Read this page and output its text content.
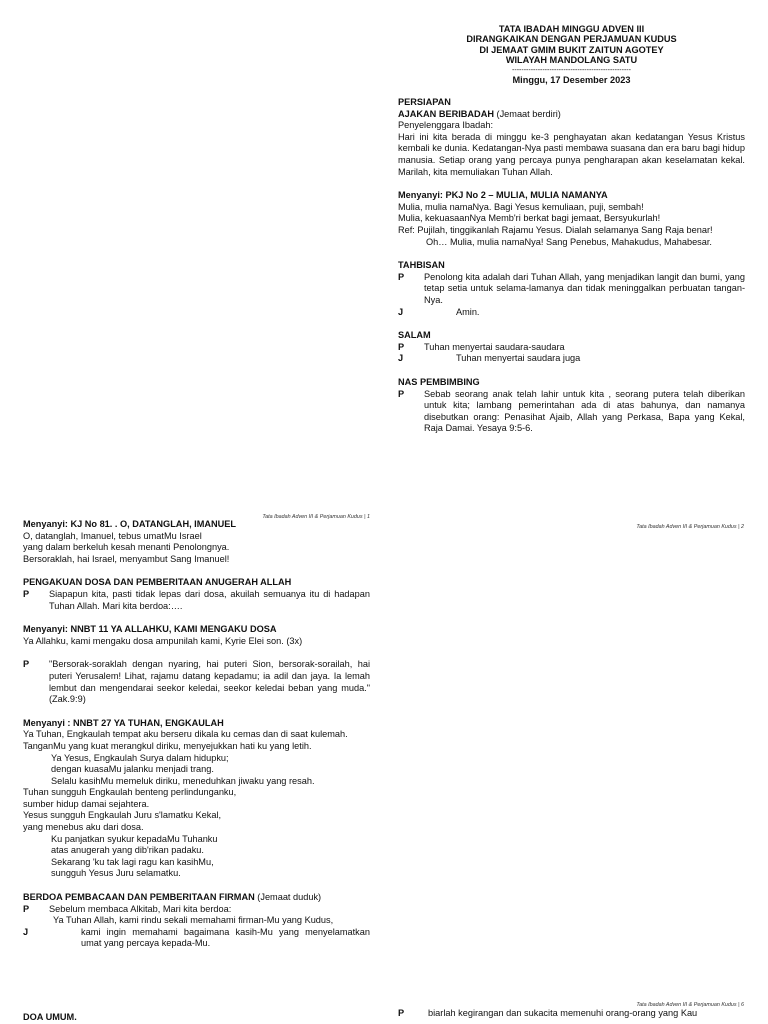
TATA IBADAH MINGGU ADVEN III
DIRANGKAIKAN DENGAN PERJAMUAN KUDUS
DI JEMAAT GMIM BUKIT ZAITUN AGOTEY
WILAYAH MANDOLANG SATU
---------------------------------------------------
Minggu, 17 Desember 2023
PERSIAPAN
AJAKAN BERIBADAH (Jemaat berdiri)
Penyelenggara Ibadah:
Hari ini kita berada di minggu ke-3 penghayatan akan kedatangan Yesus Kristus kembali ke dunia. Kedatangan-Nya pasti membawa suasana dan era baru bagi hidup manusia. Setiap orang yang percaya punya pengharapan akan keselamatan kekal. Marilah, kita memuliakan Tuhan Allah.
Menyanyi: PKJ No 2 – MULIA, MULIA NAMANYA
Mulia, mulia namaNya. Bagi Yesus kemuliaan, puji, sembah!
Mulia, kekuasaanNya Memb'ri berkat bagi jemaat, Bersyukurlah!
Ref: Pujilah, tinggikanlah Rajamu Yesus. Dialah selamanya Sang Raja benar!
Oh… Mulia, mulia namaNya! Sang Penebus, Mahakudus, Mahabesar.
TAHBISAN
P	Penolong kita adalah dari Tuhan Allah, yang menjadikan langit dan bumi, yang tetap setia untuk selama-lamanya dan tidak meninggalkan perbuatan tangan-Nya.
J	Amin.
SALAM
P	Tuhan menyertai saudara-saudara
J	Tuhan menyertai saudara juga
NAS PEMBIMBING
P	Sebab seorang anak telah lahir untuk kita , seorang putera telah diberikan untuk kita; lambang pemerintahan ada di atas bahunya, dan namanya disebutkan orang: Penasihat Ajaib, Allah yang Perkasa, Bapa yang Kekal, Raja Damai. Yesaya 9:5-6.
Tata Ibadah Adven III & Perjamuan Kudus | 1
Tata Ibadah Adven III & Perjamuan Kudus | 2
Menyanyi: KJ No 81. . O, DATANGLAH, IMANUEL
O, datanglah, Imanuel, tebus umatMu Israel
yang dalam berkeluh kesah menanti Penolongnya.
Bersoraklah, hai Israel, menyambut Sang Imanuel!
PENGAKUAN DOSA DAN PEMBERITAAN ANUGERAH ALLAH
P	Siapapun kita, pasti tidak lepas dari dosa, akuilah semuanya itu di hadapan Tuhan Allah. Mari kita berdoa:….
Menyanyi: NNBT 11 YA ALLAHKU, KAMI MENGAKU DOSA
Ya Allahku, kami mengaku dosa ampunilah kami, Kyrie Elei son. (3x)
P	"Bersorak-soraklah dengan nyaring, hai puteri Sion, bersorak-sorailah, hai puteri Yerusalem! Lihat, rajamu datang kepadamu; ia adil dan jaya. Ia lemah lembut dan mengendarai seekor keledai, seekor keledai beban yang muda." (Zak.9:9)
Menyanyi : NNBT 27 YA TUHAN, ENGKAULAH
Ya Tuhan, Engkaulah tempat aku berseru dikala ku cemas dan di saat kulemah.
TanganMu yang kuat merangkul diriku, menyejukkan hati ku yang letih.
Ya Yesus, Engkaulah Surya dalam hidupku;
dengan kuasaMu jalanku menjadi trang.
Selalu kasihMu memeluk diriku, meneduhkan jiwaku yang resah.
Tuhan sungguh Engkaulah benteng perlindunganku,
sumber hidup damai sejahtera.
Yesus sungguh Engkaulah Juru s'lamatku Kekal,
yang menebus aku dari dosa.
Ku panjatkan syukur kepadaMu Tuhanku
atas anugerah yang dib'rikan padaku.
Sekarang 'ku tak lagi ragu kan kasihMu,
sungguh Yesus Juru selamatku.
BERDOA PEMBACAAN DAN PEMBERITAAN FIRMAN (Jemaat duduk)
P	Sebelum membaca Alkitab, Mari kita berdoa:
Ya Tuhan Allah, kami rindu sekali memahami firman-Mu yang Kudus,
J	kami ingin memahami bagaimana kasih-Mu yang menyelamatkan umat yang percaya kepada-Mu.
Tata Ibadah Adven III & Perjamuan Kudus | 6
DOA UMUM.	P	biarlah kegirangan dan sukacita memenuhi orang-orang yang Kau
